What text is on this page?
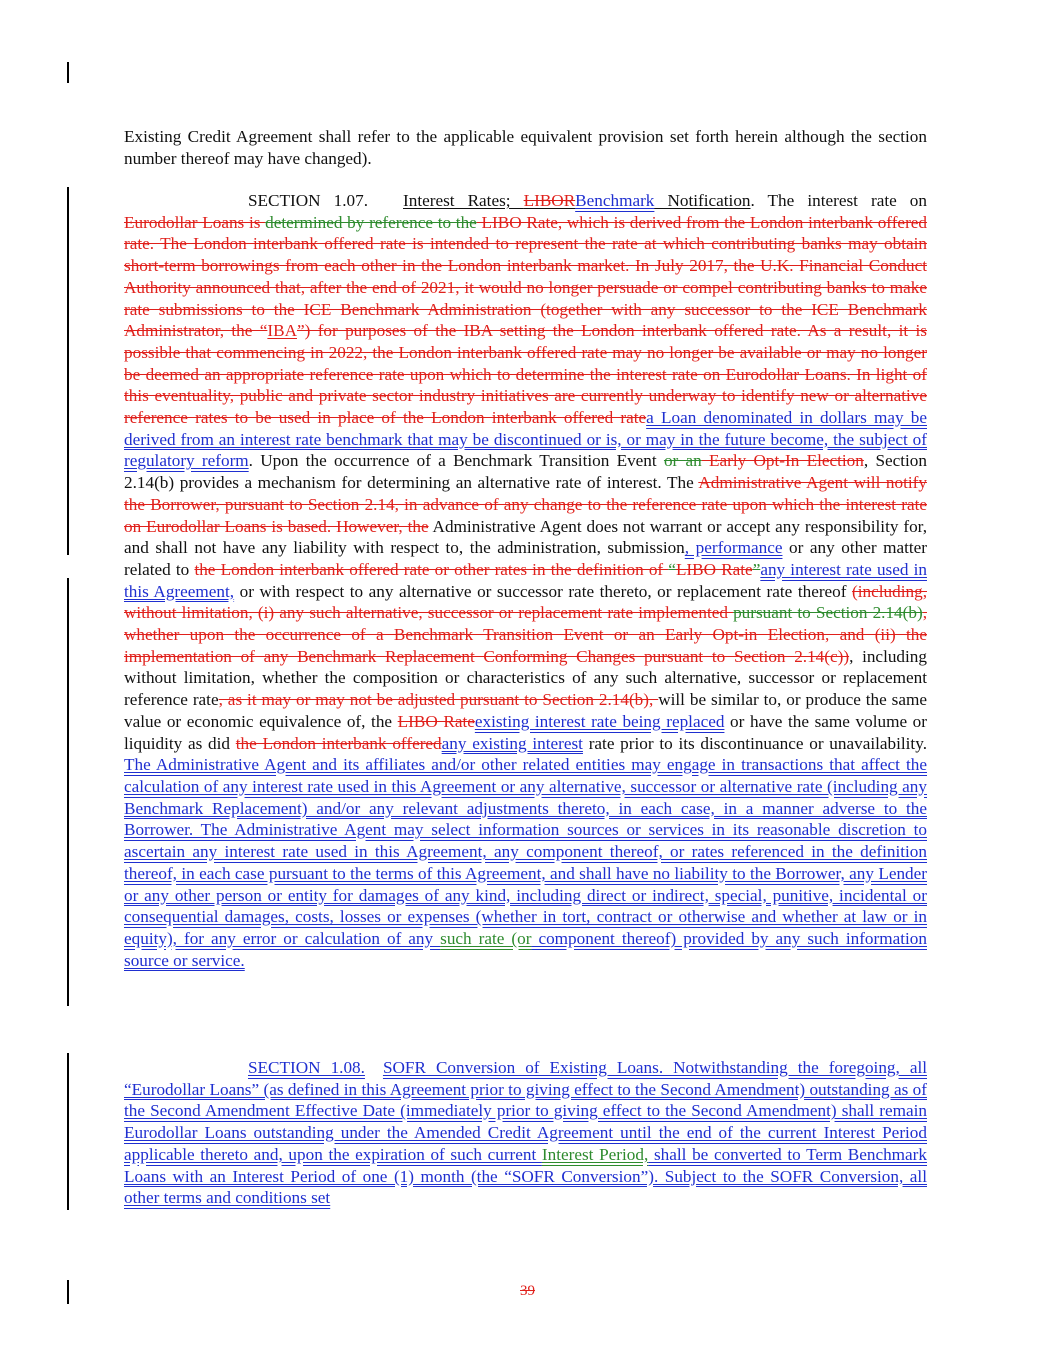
Existing Credit Agreement shall refer to the applicable equivalent provision set forth herein although the section number thereof may have changed).
SECTION 1.07. Interest Rates; LIBORBenchmark Notification. The interest rate on Eurodollar Loans is determined by reference to the LIBO Rate, which is derived from the London interbank offered rate. The London interbank offered rate is intended to represent the rate at which contributing banks may obtain short-term borrowings from each other in the London interbank market. In July 2017, the U.K. Financial Conduct Authority announced that, after the end of 2021, it would no longer persuade or compel contributing banks to make rate submissions to the ICE Benchmark Administration (together with any successor to the ICE Benchmark Administrator, the “IBA”) for purposes of the IBA setting the London interbank offered rate. As a result, it is possible that commencing in 2022, the London interbank offered rate may no longer be available or may no longer be deemed an appropriate reference rate upon which to determine the interest rate on Eurodollar Loans. In light of this eventuality, public and private sector industry initiatives are currently underway to identify new or alternative reference rates to be used in place of the London interbank offered ratea Loan denominated in dollars may be derived from an interest rate benchmark that may be discontinued or is, or may in the future become, the subject of regulatory reform. Upon the occurrence of a Benchmark Transition Event or an Early Opt-In Election, Section 2.14(b) provides a mechanism for determining an alternative rate of interest. The Administrative Agent will notify the Borrower, pursuant to Section 2.14, in advance of any change to the reference rate upon which the interest rate on Eurodollar Loans is based. However, the Administrative Agent does not warrant or accept any responsibility for, and shall not have any liability with respect to, the administration, submission, performance or any other matter related to the London interbank offered rate or other rates in the definition of “LIBO Rate”any interest rate used in this Agreement, or with respect to any alternative or successor rate thereto, or replacement rate thereof (including, without limitation, (i) any such alternative, successor or replacement rate implemented pursuant to Section 2.14(b), whether upon the occurrence of a Benchmark Transition Event or an Early Opt-in Election, and (ii) the implementation of any Benchmark Replacement Conforming Changes pursuant to Section 2.14(c)), including without limitation, whether the composition or characteristics of any such alternative, successor or replacement reference rate, as it may or may not be adjusted pursuant to Section 2.14(b), will be similar to, or produce the same value or economic equivalence of, the LIBO Rateexisting interest rate being replaced or have the same volume or liquidity as did the London interbank offeredany existing interest rate prior to its discontinuance or unavailability. The Administrative Agent and its affiliates and/or other related entities may engage in transactions that affect the calculation of any interest rate used in this Agreement or any alternative, successor or alternative rate (including any Benchmark Replacement) and/or any relevant adjustments thereto, in each case, in a manner adverse to the Borrower. The Administrative Agent may select information sources or services in its reasonable discretion to ascertain any interest rate used in this Agreement, any component thereof, or rates referenced in the definition thereof, in each case pursuant to the terms of this Agreement, and shall have no liability to the Borrower, any Lender or any other person or entity for damages of any kind, including direct or indirect, special, punitive, incidental or consequential damages, costs, losses or expenses (whether in tort, contract or otherwise and whether at law or in equity), for any error or calculation of any such rate (or component thereof) provided by any such information source or service.
SECTION 1.08. SOFR Conversion of Existing Loans. Notwithstanding the foregoing, all “Eurodollar Loans” (as defined in this Agreement prior to giving effect to the Second Amendment) outstanding as of the Second Amendment Effective Date (immediately prior to giving effect to the Second Amendment) shall remain Eurodollar Loans outstanding under the Amended Credit Agreement until the end of the current Interest Period applicable thereto and, upon the expiration of such current Interest Period, shall be converted to Term Benchmark Loans with an Interest Period of one (1) month (the “SOFR Conversion”). Subject to the SOFR Conversion, all other terms and conditions set
39
